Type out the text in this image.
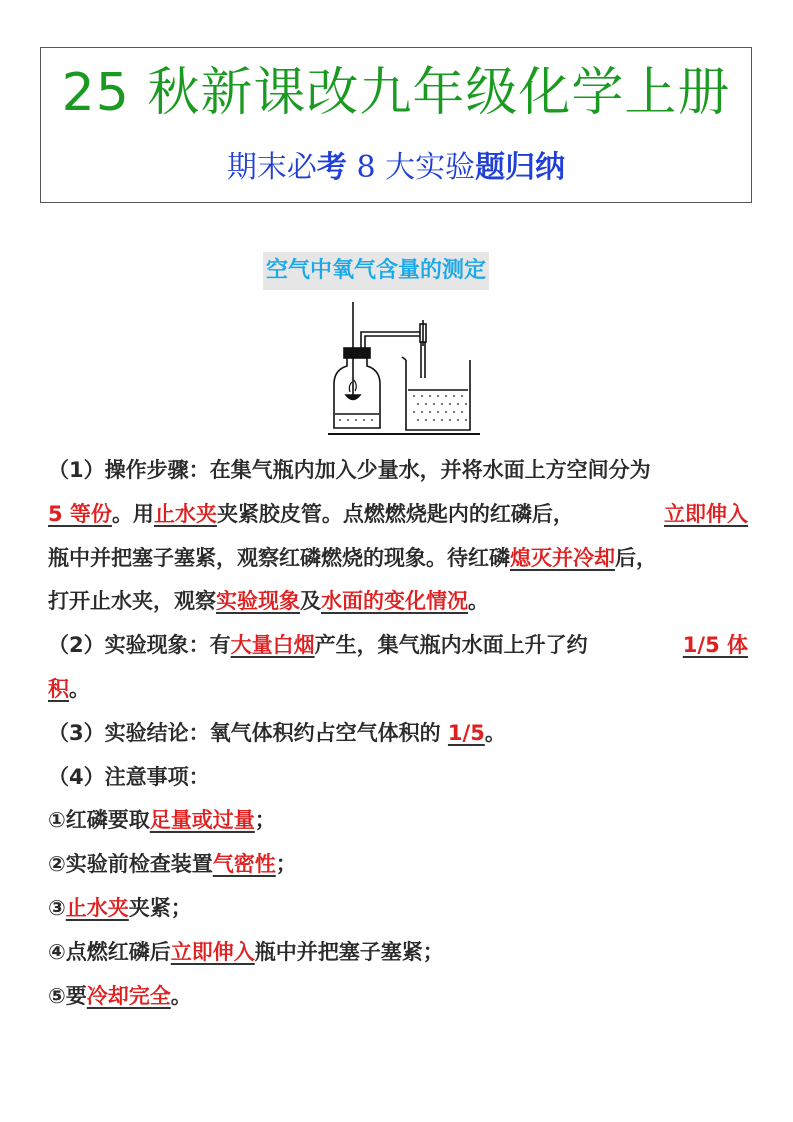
25 秋新课改九年级化学上册
期末必考 8 大实验题归纳
空气中氧气含量的测定
（1）操作步骤：在集气瓶内加入少量水，并将水面上方空间分为
5 等份。用止水夹夹紧胶皮管。点燃燃烧匙内的红磷后，	立即伸入
瓶中并把塞子塞紧，观察红磷燃烧的现象。待红磷熄灭并冷却后，
打开止水夹，观察实验现象及水面的变化情况。
（2）实验现象：有大量白烟产生，集气瓶内水面上升了约	1/5 体
积。
（3）实验结论：氧气体积约占空气体积的 1/5。
（4）注意事项：
①红磷要取足量或过量；
②实验前检查装置气密性；
③止水夹夹紧；
④点燃红磷后立即伸入瓶中并把塞子塞紧；
⑤要冷却完全。
